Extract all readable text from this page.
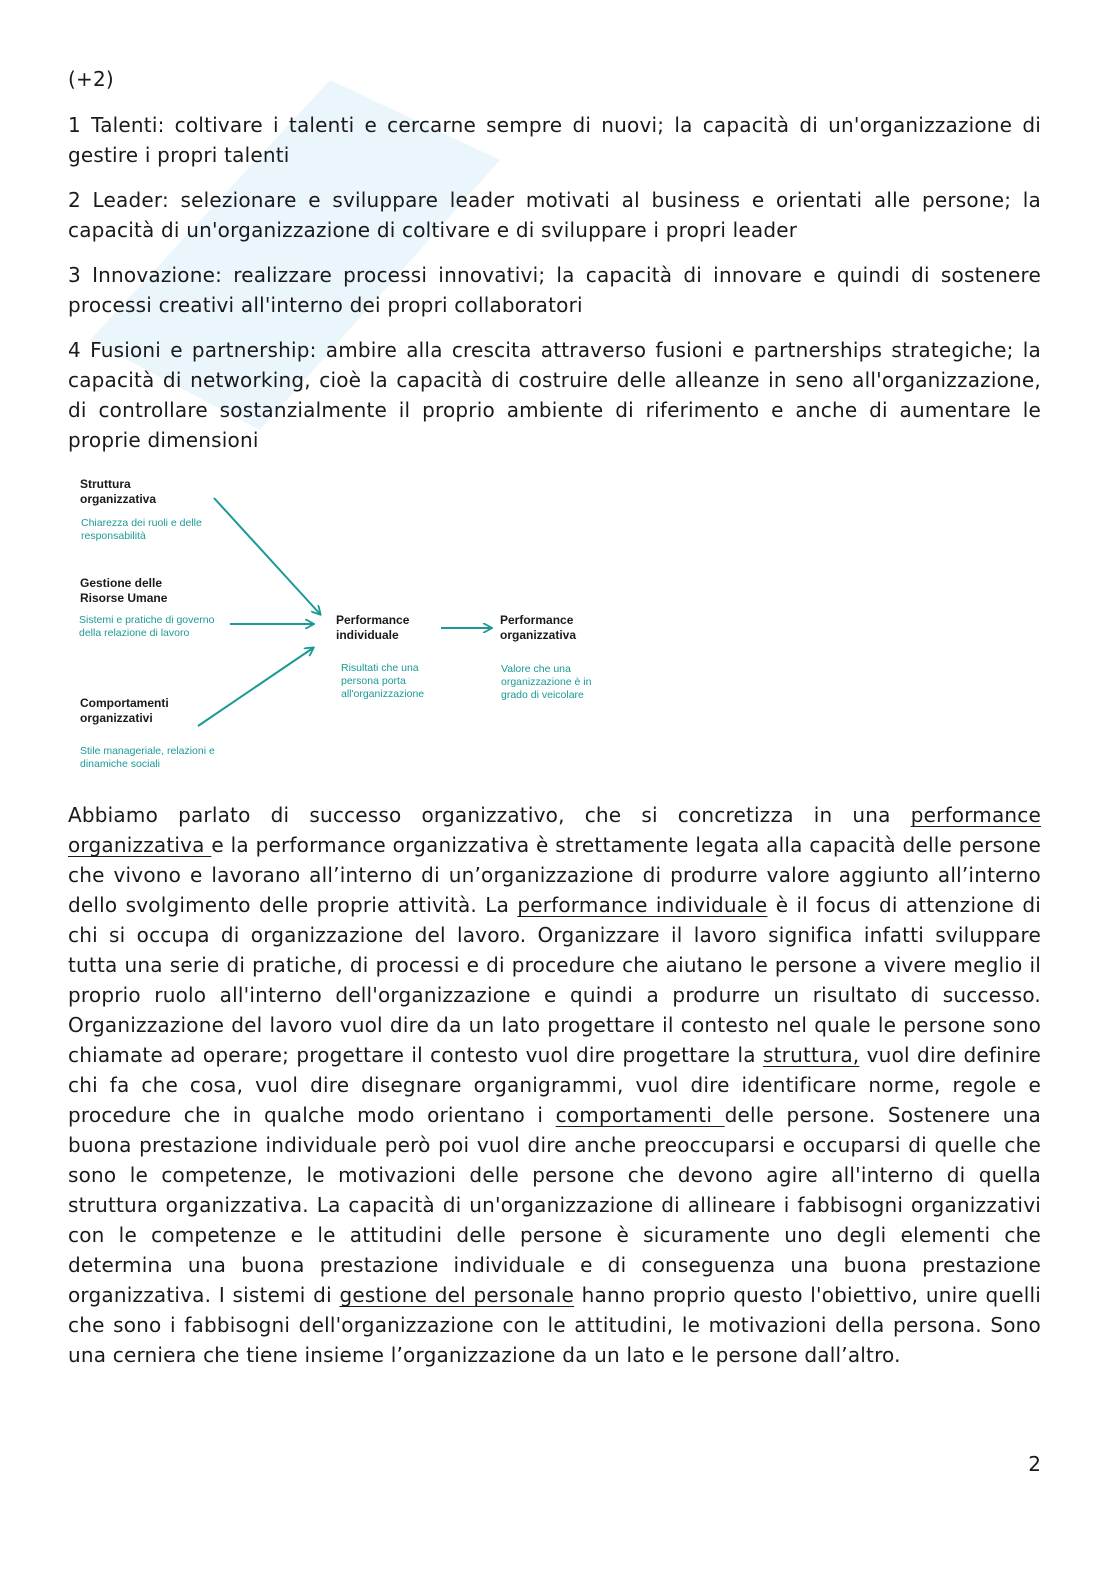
(+2)

1 Talenti: coltivare i talenti e cercarne sempre di nuovi; la capacità di un'organizzazione di gestire i propri talenti

2 Leader: selezionare e sviluppare leader motivati al business e orientati alle persone; la capacità di un'organizzazione di coltivare e di sviluppare i propri leader

3 Innovazione: realizzare processi innovativi; la capacità di innovare e quindi di sostenere processi creativi all'interno dei propri collaboratori

4 Fusioni e partnership: ambire alla crescita attraverso fusioni e partnerships strategiche; la capacità di networking, cioè la capacità di costruire delle alleanze in seno all'organizzazione, di controllare sostanzialmente il proprio ambiente di riferimento e anche di aumentare le proprie dimensioni

Struttura organizzativa
Chiarezza dei ruoli e delle responsabilità
Gestione delle Risorse Umane
Sistemi e pratiche di governo della relazione di lavoro
Comportamenti organizzativi
Stile manageriale, relazioni e dinamiche sociali
Performance individuale
Risultati che una persona porta all'organizzazione
Performance organizzativa
Valore che una organizzazione è in grado di veicolare

Abbiamo parlato di successo organizzativo, che si concretizza in una performance organizzativa e la performance organizzativa è strettamente legata alla capacità delle persone che vivono e lavorano all’interno di un’organizzazione di produrre valore aggiunto all’interno dello svolgimento delle proprie attività. La performance individuale è il focus di attenzione di chi si occupa di organizzazione del lavoro. Organizzare il lavoro significa infatti sviluppare tutta una serie di pratiche, di processi e di procedure che aiutano le persone a vivere meglio il proprio ruolo all'interno dell'organizzazione e quindi a produrre un risultato di successo. Organizzazione del lavoro vuol dire da un lato progettare il contesto nel quale le persone sono chiamate ad operare; progettare il contesto vuol dire progettare la struttura, vuol dire definire chi fa che cosa, vuol dire disegnare organigrammi, vuol dire identificare norme, regole e procedure che in qualche modo orientano i comportamenti delle persone. Sostenere una buona prestazione individuale però poi vuol dire anche preoccuparsi e occuparsi di quelle che sono le competenze, le motivazioni delle persone che devono agire all'interno di quella struttura organizzativa. La capacità di un'organizzazione di allineare i fabbisogni organizzativi con le competenze e le attitudini delle persone è sicuramente uno degli elementi che determina una buona prestazione individuale e di conseguenza una buona prestazione organizzativa. I sistemi di gestione del personale hanno proprio questo l'obiettivo, unire quelli che sono i fabbisogni dell'organizzazione con le attitudini, le motivazioni della persona. Sono una cerniera che tiene insieme l’organizzazione da un lato e le persone dall’altro.

2
